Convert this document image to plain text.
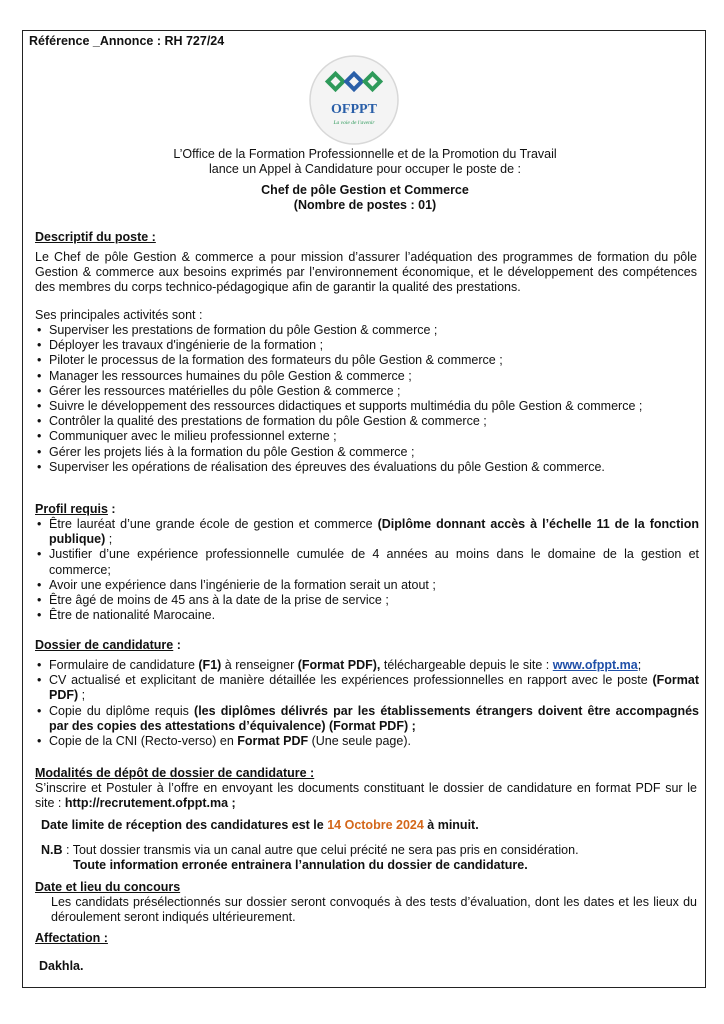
Référence _Annonce : RH 727/24
OFPPT
La voie de l'avenir
L’Office de la Formation Professionnelle et de la Promotion du Travail
lance un Appel à Candidature pour occuper le poste de :
Chef de pôle Gestion et Commerce
(Nombre de postes : 01)
Descriptif du poste :
Le Chef de pôle Gestion & commerce a pour mission d’assurer l’adéquation des programmes de formation du pôle Gestion & commerce aux besoins exprimés par l’environnement économique, et le développement des compétences des membres du corps technico-pédagogique afin de garantir la qualité des prestations.
Ses principales activités sont :
• Superviser les prestations de formation du pôle Gestion & commerce ;
• Déployer les travaux d'ingénierie de la formation ;
• Piloter le processus de la formation des formateurs du pôle Gestion & commerce ;
• Manager les ressources humaines du pôle Gestion & commerce ;
• Gérer les ressources matérielles du pôle Gestion & commerce ;
• Suivre le développement des ressources didactiques et supports multimédia du pôle Gestion & commerce ;
• Contrôler la qualité des prestations de formation du pôle Gestion & commerce ;
• Communiquer avec le milieu professionnel externe ;
• Gérer les projets liés à la formation du pôle Gestion & commerce ;
• Superviser les opérations de réalisation des épreuves des évaluations du pôle Gestion & commerce.
Profil requis :
• Être lauréat d’une grande école de gestion et commerce (Diplôme donnant accès à l’échelle 11 de la fonction publique) ;
• Justifier d’une expérience professionnelle cumulée de 4 années au moins dans le domaine de la gestion et commerce;
• Avoir une expérience dans l’ingénierie de la formation serait un atout ;
• Être âgé de moins de 45 ans à la date de la prise de service ;
• Être de nationalité Marocaine.
Dossier de candidature :
• Formulaire de candidature (F1) à renseigner (Format PDF), téléchargeable depuis le site : www.ofppt.ma;
• CV actualisé et explicitant de manière détaillée les expériences professionnelles en rapport avec le poste (Format PDF) ;
• Copie du diplôme requis (les diplômes délivrés par les établissements étrangers doivent être accompagnés par des copies des attestations d’équivalence) (Format PDF) ;
• Copie de la CNI (Recto-verso) en Format PDF (Une seule page).
Modalités de dépôt de dossier de candidature :
S’inscrire et Postuler à l’offre en envoyant les documents constituant le dossier de candidature en format PDF sur le site : http://recrutement.ofppt.ma ;
Date limite de réception des candidatures est le 14 Octobre 2024 à minuit.
N.B : Tout dossier transmis via un canal autre que celui précité ne sera pas pris en considération.
Toute information erronée entrainera l’annulation du dossier de candidature.
Date et lieu du concours
Les candidats présélectionnés sur dossier seront convoqués à des tests d’évaluation, dont les dates et les lieux du déroulement seront indiqués ultérieurement.
Affectation :
Dakhla.
